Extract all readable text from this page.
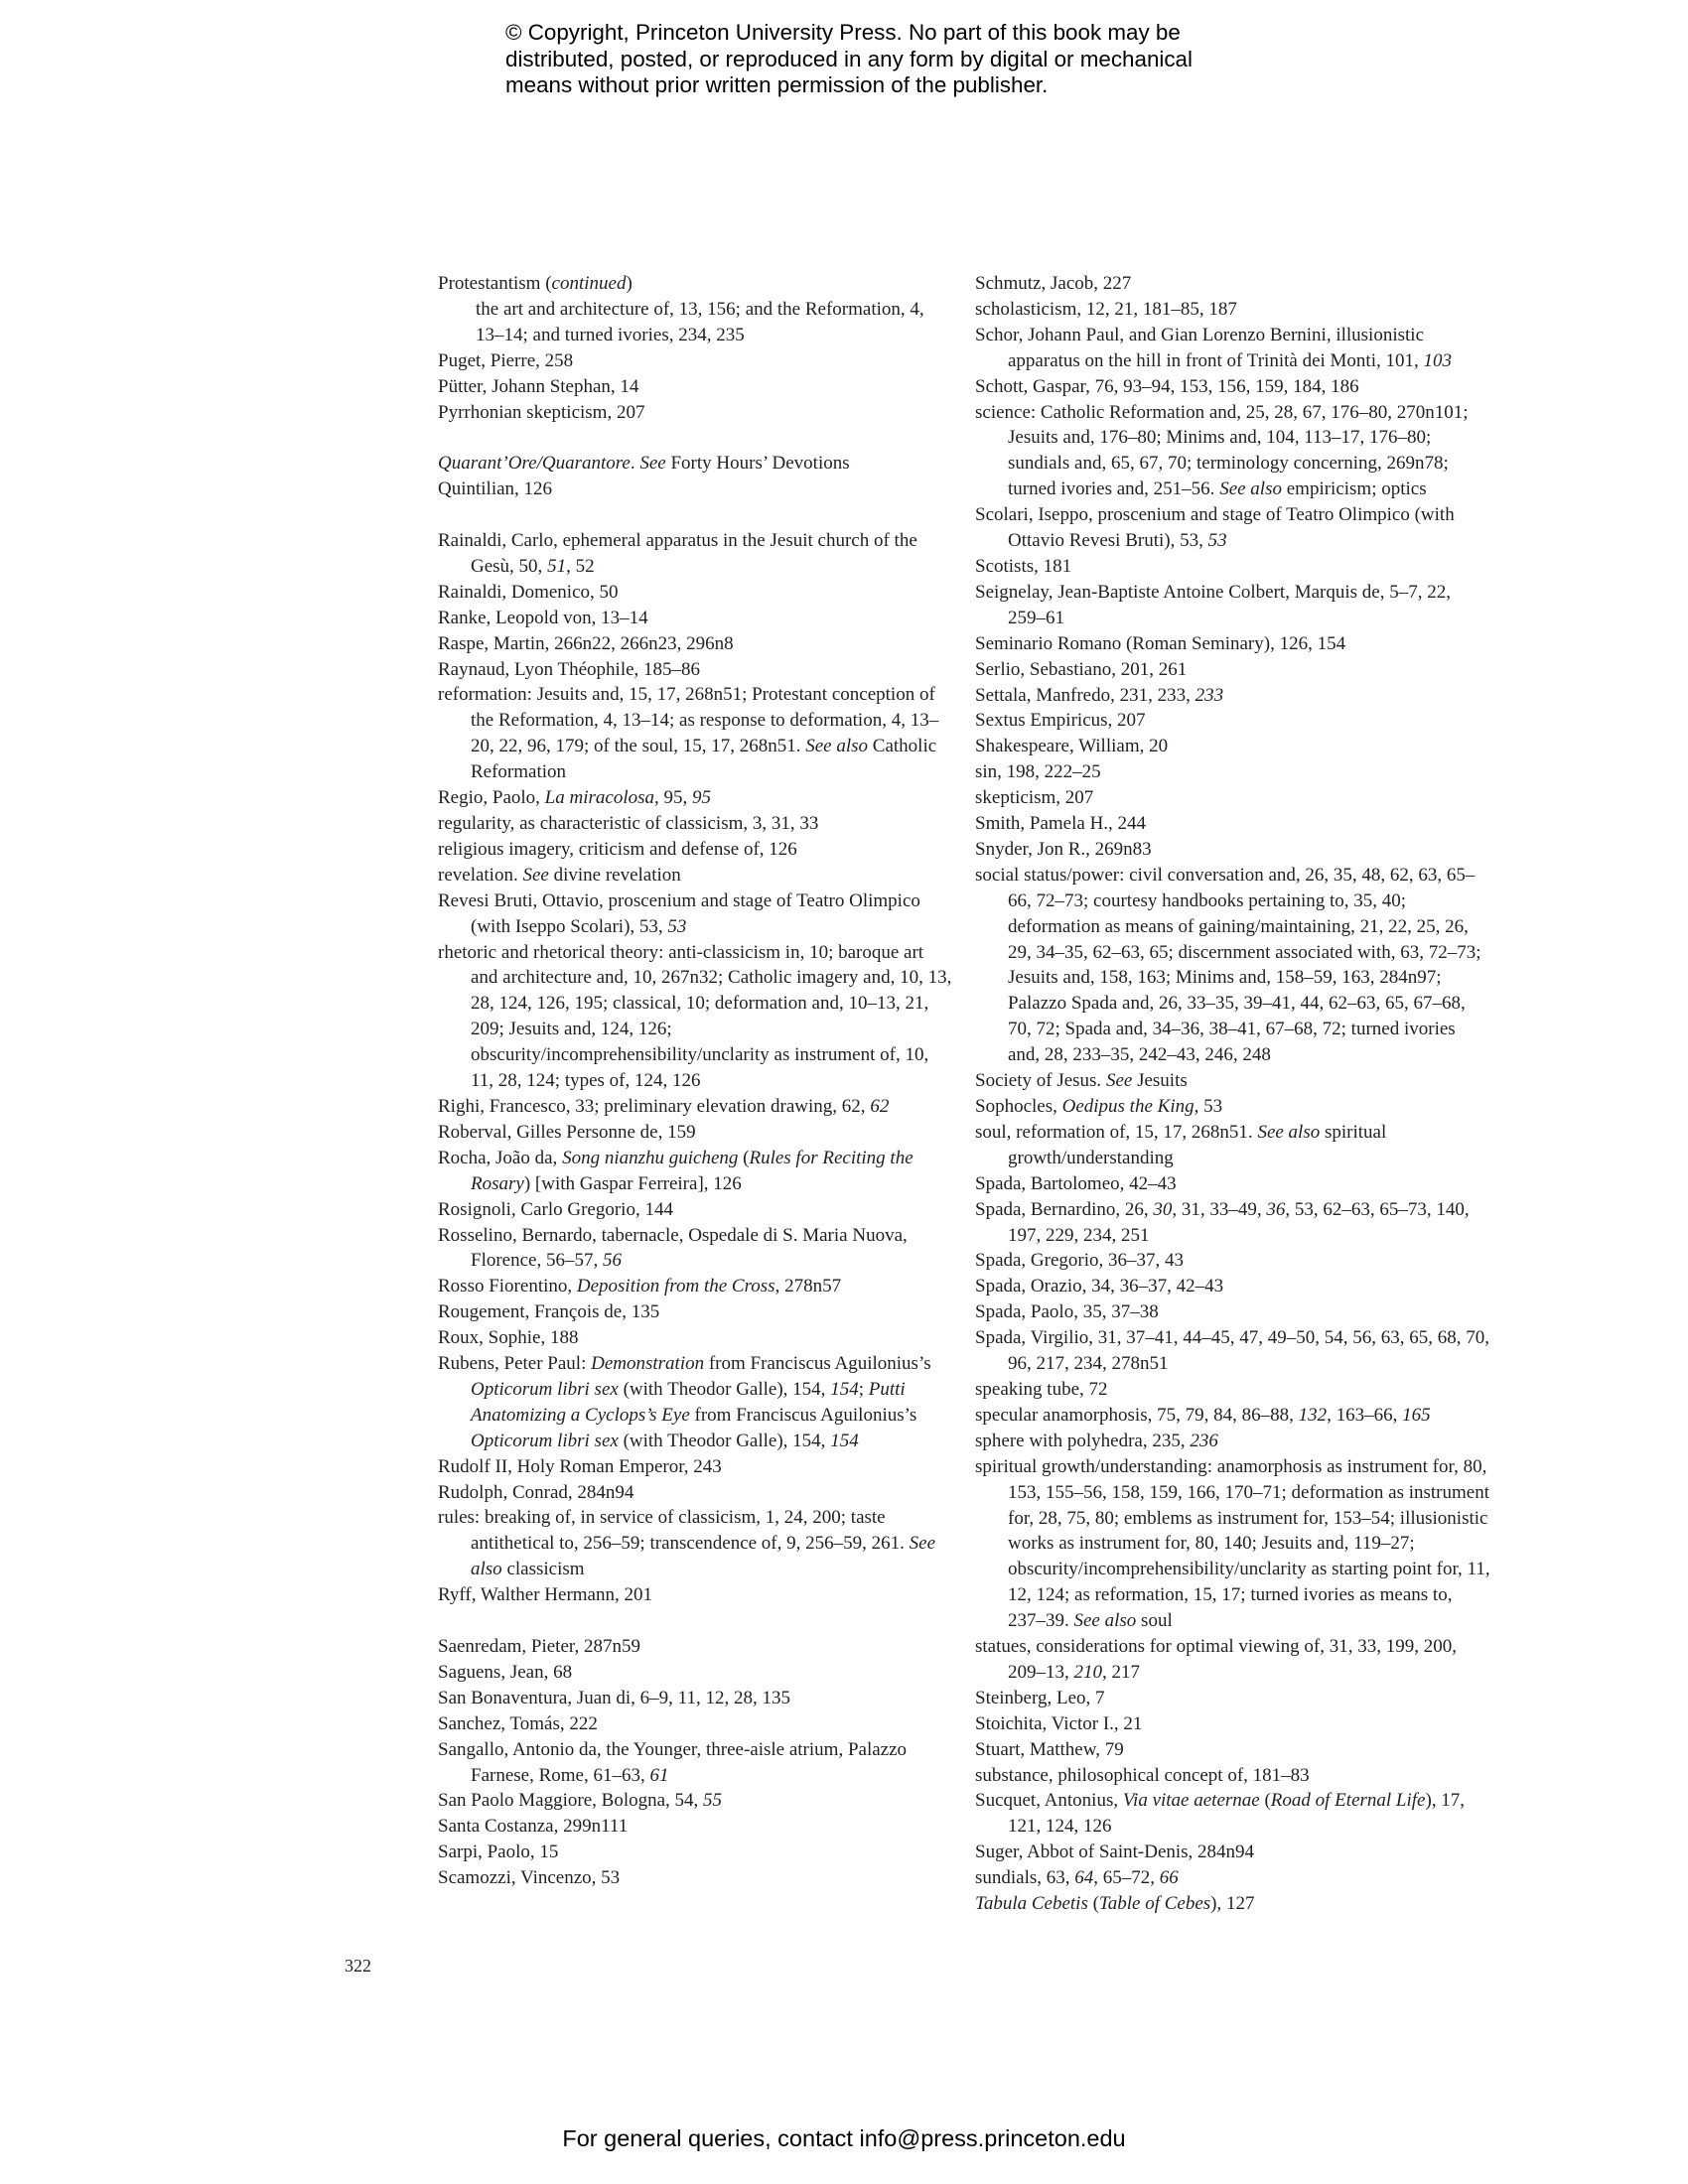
© Copyright, Princeton University Press. No part of this book may be
distributed, posted, or reproduced in any form by digital or mechanical
means without prior written permission of the publisher.
Protestantism (continued)
the art and architecture of, 13, 156; and the Reformation, 4, 13–14; and turned ivories, 234, 235
Puget, Pierre, 258
Pütter, Johann Stephan, 14
Pyrrhonian skepticism, 207
Quarant’Ore/Quarantore. See Forty Hours’ Devotions
Quintilian, 126
Rainaldi, Carlo, ephemeral apparatus in the Jesuit church of the Gesù, 50, 51, 52
Rainaldi, Domenico, 50
Ranke, Leopold von, 13–14
Raspe, Martin, 266n22, 266n23, 296n8
Raynaud, Lyon Théophile, 185–86
reformation: Jesuits and, 15, 17, 268n51; Protestant conception of the Reformation, 4, 13–14; as response to deformation, 4, 13–20, 22, 96, 179; of the soul, 15, 17, 268n51. See also Catholic Reformation
Regio, Paolo, La miracolosa, 95, 95
regularity, as characteristic of classicism, 3, 31, 33
religious imagery, criticism and defense of, 126
revelation. See divine revelation
Revesi Bruti, Ottavio, proscenium and stage of Teatro Olimpico (with Iseppo Scolari), 53, 53
rhetoric and rhetorical theory: anti-classicism in, 10; baroque art and architecture and, 10, 267n32; Catholic imagery and, 10, 13, 28, 124, 126, 195; classical, 10; deformation and, 10–13, 21, 209; Jesuits and, 124, 126; obscurity/incomprehensibility/unclarity as instrument of, 10, 11, 28, 124; types of, 124, 126
Righi, Francesco, 33; preliminary elevation drawing, 62, 62
Roberval, Gilles Personne de, 159
Rocha, João da, Song nianzhu guicheng (Rules for Reciting the Rosary) [with Gaspar Ferreira], 126
Rosignoli, Carlo Gregorio, 144
Rosselino, Bernardo, tabernacle, Ospedale di S. Maria Nuova, Florence, 56–57, 56
Rosso Fiorentino, Deposition from the Cross, 278n57
Rougement, François de, 135
Roux, Sophie, 188
Rubens, Peter Paul: Demonstration from Franciscus Aguilonius’s Opticorum libri sex (with Theodor Galle), 154, 154; Putti Anatomizing a Cyclops’s Eye from Franciscus Aguilonius’s Opticorum libri sex (with Theodor Galle), 154, 154
Rudolf II, Holy Roman Emperor, 243
Rudolph, Conrad, 284n94
rules: breaking of, in service of classicism, 1, 24, 200; taste antithetical to, 256–59; transcendence of, 9, 256–59, 261. See also classicism
Ryff, Walther Hermann, 201
Saenredam, Pieter, 287n59
Saguens, Jean, 68
San Bonaventura, Juan di, 6–9, 11, 12, 28, 135
Sanchez, Tomás, 222
Sangallo, Antonio da, the Younger, three-aisle atrium, Palazzo Farnese, Rome, 61–63, 61
San Paolo Maggiore, Bologna, 54, 55
Santa Costanza, 299n111
Sarpi, Paolo, 15
Scamozzi, Vincenzo, 53
Schmutz, Jacob, 227
scholasticism, 12, 21, 181–85, 187
Schor, Johann Paul, and Gian Lorenzo Bernini, illusionistic apparatus on the hill in front of Trinità dei Monti, 101, 103
Schott, Gaspar, 76, 93–94, 153, 156, 159, 184, 186
science: Catholic Reformation and, 25, 28, 67, 176–80, 270n101; Jesuits and, 176–80; Minims and, 104, 113–17, 176–80; sundials and, 65, 67, 70; terminology concerning, 269n78; turned ivories and, 251–56. See also empiricism; optics
Scolari, Iseppo, proscenium and stage of Teatro Olimpico (with Ottavio Revesi Bruti), 53, 53
Scotists, 181
Seignelay, Jean-Baptiste Antoine Colbert, Marquis de, 5–7, 22, 259–61
Seminario Romano (Roman Seminary), 126, 154
Serlio, Sebastiano, 201, 261
Settala, Manfredo, 231, 233, 233
Sextus Empiricus, 207
Shakespeare, William, 20
sin, 198, 222–25
skepticism, 207
Smith, Pamela H., 244
Snyder, Jon R., 269n83
social status/power: civil conversation and, 26, 35, 48, 62, 63, 65–66, 72–73; courtesy handbooks pertaining to, 35, 40; deformation as means of gaining/maintaining, 21, 22, 25, 26, 29, 34–35, 62–63, 65; discernment associated with, 63, 72–73; Jesuits and, 158, 163; Minims and, 158–59, 163, 284n97; Palazzo Spada and, 26, 33–35, 39–41, 44, 62–63, 65, 67–68, 70, 72; Spada and, 34–36, 38–41, 67–68, 72; turned ivories and, 28, 233–35, 242–43, 246, 248
Society of Jesus. See Jesuits
Sophocles, Oedipus the King, 53
soul, reformation of, 15, 17, 268n51. See also spiritual growth/understanding
Spada, Bartolomeo, 42–43
Spada, Bernardino, 26, 30, 31, 33–49, 36, 53, 62–63, 65–73, 140, 197, 229, 234, 251
Spada, Gregorio, 36–37, 43
Spada, Orazio, 34, 36–37, 42–43
Spada, Paolo, 35, 37–38
Spada, Virgilio, 31, 37–41, 44–45, 47, 49–50, 54, 56, 63, 65, 68, 70, 96, 217, 234, 278n51
speaking tube, 72
specular anamorphosis, 75, 79, 84, 86–88, 132, 163–66, 165
sphere with polyhedra, 235, 236
spiritual growth/understanding: anamorphosis as instrument for, 80, 153, 155–56, 158, 159, 166, 170–71; deformation as instrument for, 28, 75, 80; emblems as instrument for, 153–54; illusionistic works as instrument for, 80, 140; Jesuits and, 119–27; obscurity/incomprehensibility/unclarity as starting point for, 11, 12, 124; as reformation, 15, 17; turned ivories as means to, 237–39. See also soul
statues, considerations for optimal viewing of, 31, 33, 199, 200, 209–13, 210, 217
Steinberg, Leo, 7
Stoichita, Victor I., 21
Stuart, Matthew, 79
substance, philosophical concept of, 181–83
Sucquet, Antonius, Via vitae aeternae (Road of Eternal Life), 17, 121, 124, 126
Suger, Abbot of Saint-Denis, 284n94
sundials, 63, 64, 65–72, 66
Tabula Cebetis (Table of Cebes), 127
322
For general queries, contact info@press.princeton.edu
